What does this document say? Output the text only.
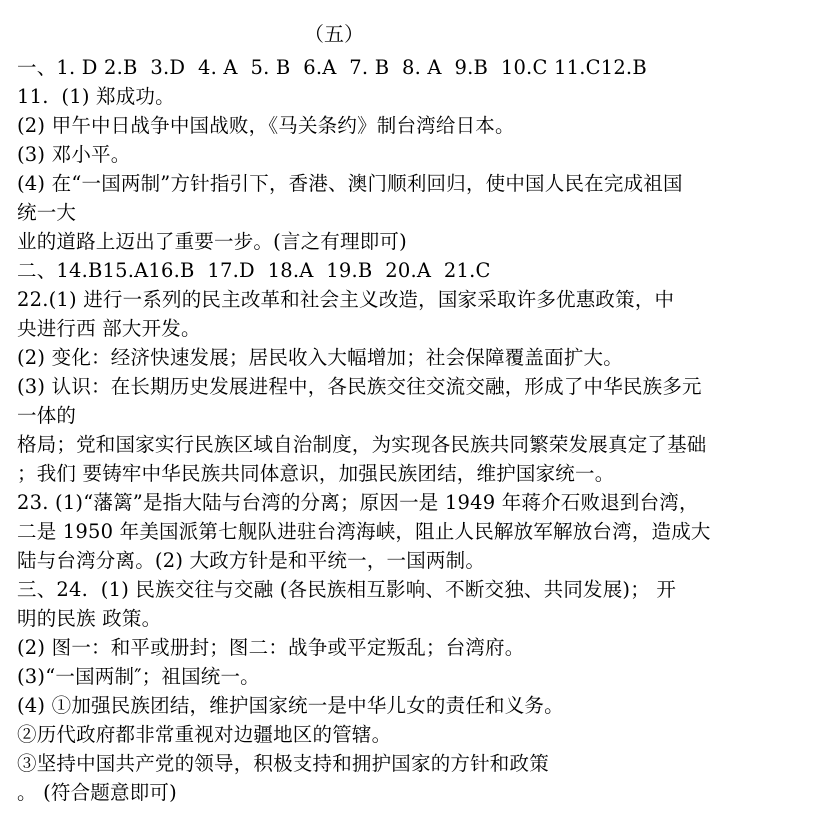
（五）
一、1. D 2.B  3.D  4. A  5. B  6.A  7. B  8. A  9.B  10.C 11.C12.B
11.  (1) 郑成功。
(2) 甲午中日战争中国战败，《马关条约》制台湾给日本。
(3) 邓小平。
(4) 在“一国两制”方针指引下，香港、澳门顺利回归，使中国人民在完成祖国
统一大
业的道路上迈出了重要一步。(言之有理即可)
二、14.B15.A16.B  17.D  18.A  19.B  20.A  21.C
22.(1) 进行一系列的民主改革和社会主义改造，国家采取许多优惠政策，中
央进行西 部大开发。
(2) 变化：经济快速发展；居民收入大幅增加；社会保障覆盖面扩大。
(3) 认识：在长期历史发展进程中，各民族交往交流交融，形成了中华民族多元
一体的
格局；党和国家实行民族区域自治制度，为实现各民族共同繁荣发展真定了基础
；我们 要铸牢中华民族共同体意识，加强民族团结，维护国家统一。
23. (1)“藩篱”是指大陆与台湾的分离；原因一是 1949 年蒋介石败退到台湾，
二是 1950 年美国派第七舰队进驻台湾海峡，阻止人民解放军解放台湾，造成大
陆与台湾分离。(2) 大政方针是和平统一，一国两制。
三、24.  (1) 民族交往与交融 (各民族相互影响、不断交独、共同发展)； 开
明的民族 政策。
(2) 图一：和平或册封；图二：战争或平定叛乱；台湾府。
(3)“一国两制″；祖国统一。
(4) ①加强民族团结，维护国家统一是中华儿女的责任和义务。
②历代政府都非常重视对边疆地区的管辖。
③坚持中国共产党的领导，积极支持和拥护国家的方针和政策
。 (符合题意即可)
